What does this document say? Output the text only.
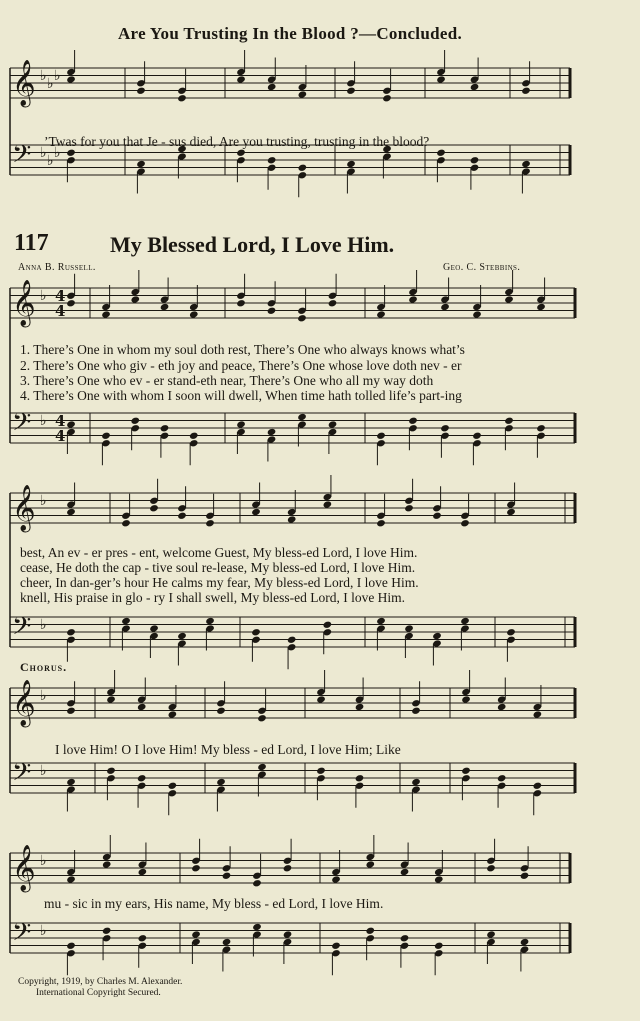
Are You Trusting In the Blood ?—Concluded.
𝄞 ♭ ♭ ♭
𝄢 ♭ ♭ ♭
’Twas for you that Je - sus died, Are you trusting, trusting in the blood?
117	My Blessed Lord, I Love Him.
Anna B. Russell.	Geo. C. Stebbins.
𝄞 ♭ 4
4
𝄢 ♭ 4
4
1. There’s One in whom my soul doth rest, There’s One who always knows what’s
2. There’s One who giv - eth joy and peace, There’s One whose love doth nev - er
3. There’s One who ev - er stand-eth near, There’s One who all my way doth
4. There’s One with whom I soon will dwell, When time hath tolled life’s part-ing
𝄞 ♭
𝄢 ♭
best, An ev - er pres - ent, welcome Guest, My bless-ed Lord, I love Him.
cease, He doth the cap - tive soul re-lease, My bless-ed Lord, I love Him.
cheer, In dan-ger’s hour He calms my fear, My bless-ed Lord, I love Him.
knell, His praise in glo - ry I shall swell, My bless-ed Lord, I love Him.
Chorus.
𝄞 ♭
𝄢 ♭
I love Him! O I love Him! My bless - ed Lord, I love Him; Like
𝄞 ♭
𝄢 ♭
mu - sic in my ears, His name, My bless - ed Lord, I love Him.
Copyright, 1919, by Charles M. Alexander.
International Copyright Secured.
